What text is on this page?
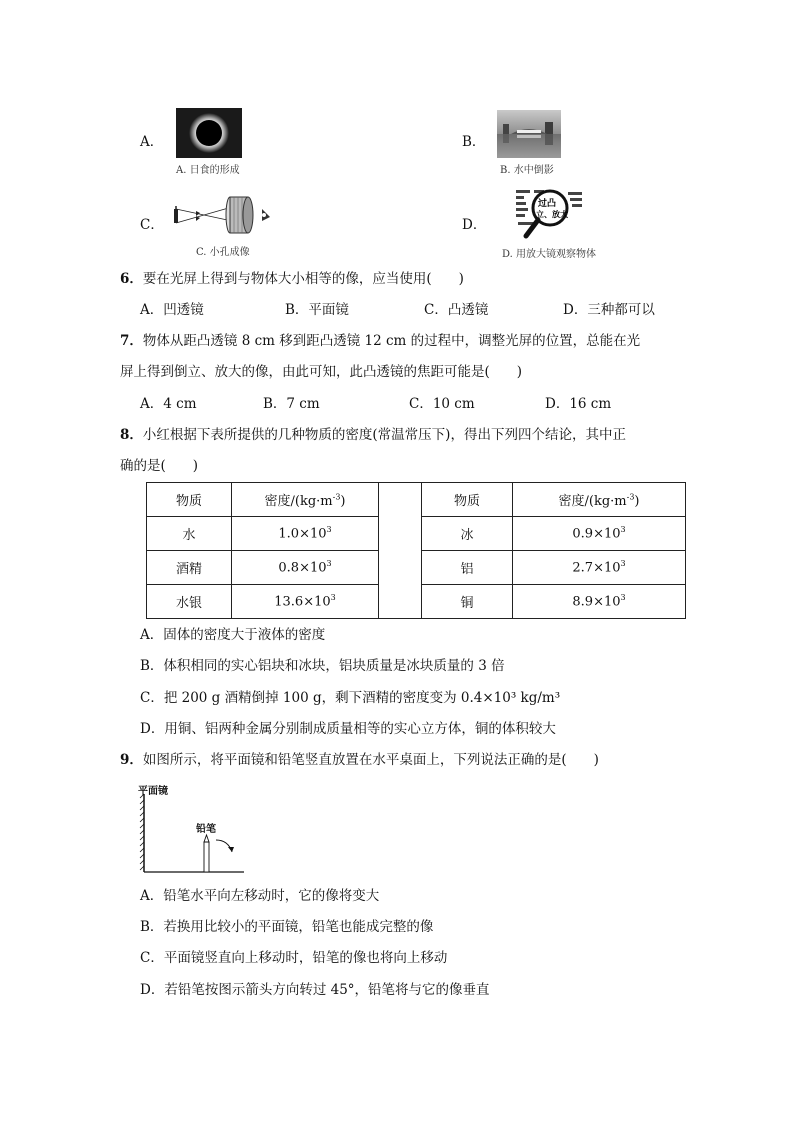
A．
A. 日食的形成
B．
B. 水中倒影
C．
C. 小孔成像
D．
过凸
立、放大
D. 用放大镜观察物体
6．要在光屏上得到与物体大小相等的像，应当使用(　　)
A．凹透镜	B．平面镜	C．凸透镜	D．三种都可以
7．物体从距凸透镜 8 cm 移到距凸透镜 12 cm 的过程中，调整光屏的位置，总能在光
屏上得到倒立、放大的像，由此可知，此凸透镜的焦距可能是(　　)
A．4 cm	B．7 cm	C．10 cm	D．16 cm
8．小红根据下表所提供的几种物质的密度(常温常压下)，得出下列四个结论，其中正
确的是(　　)
物质	密度$/(kg\cdot m^{-3})$		物质	密度$/(kg\cdot m^{-3})$
水	$1.0\times 10^3$		冰	$0.9\times 10^3$
酒精	$0.8\times 10^3$		铝	$2.7\times 10^3$
水银	$13.6\times 10^3$		铜	$8.9\times 10^3$
A．固体的密度大于液体的密度
B．体积相同的实心铝块和冰块，铝块质量是冰块质量的 3 倍
C．把 200 g 酒精倒掉 100 g，剩下酒精的密度变为 0.4×10³ kg/m³
D．用铜、铝两种金属分别制成质量相等的实心立方体，铜的体积较大
9．如图所示，将平面镜和铅笔竖直放置在水平桌面上，下列说法正确的是(　　)
平面镜
铅笔
A．铅笔水平向左移动时，它的像将变大
B．若换用比较小的平面镜，铅笔也能成完整的像
C．平面镜竖直向上移动时，铅笔的像也将向上移动
D．若铅笔按图示箭头方向转过 45°，铅笔将与它的像垂直
